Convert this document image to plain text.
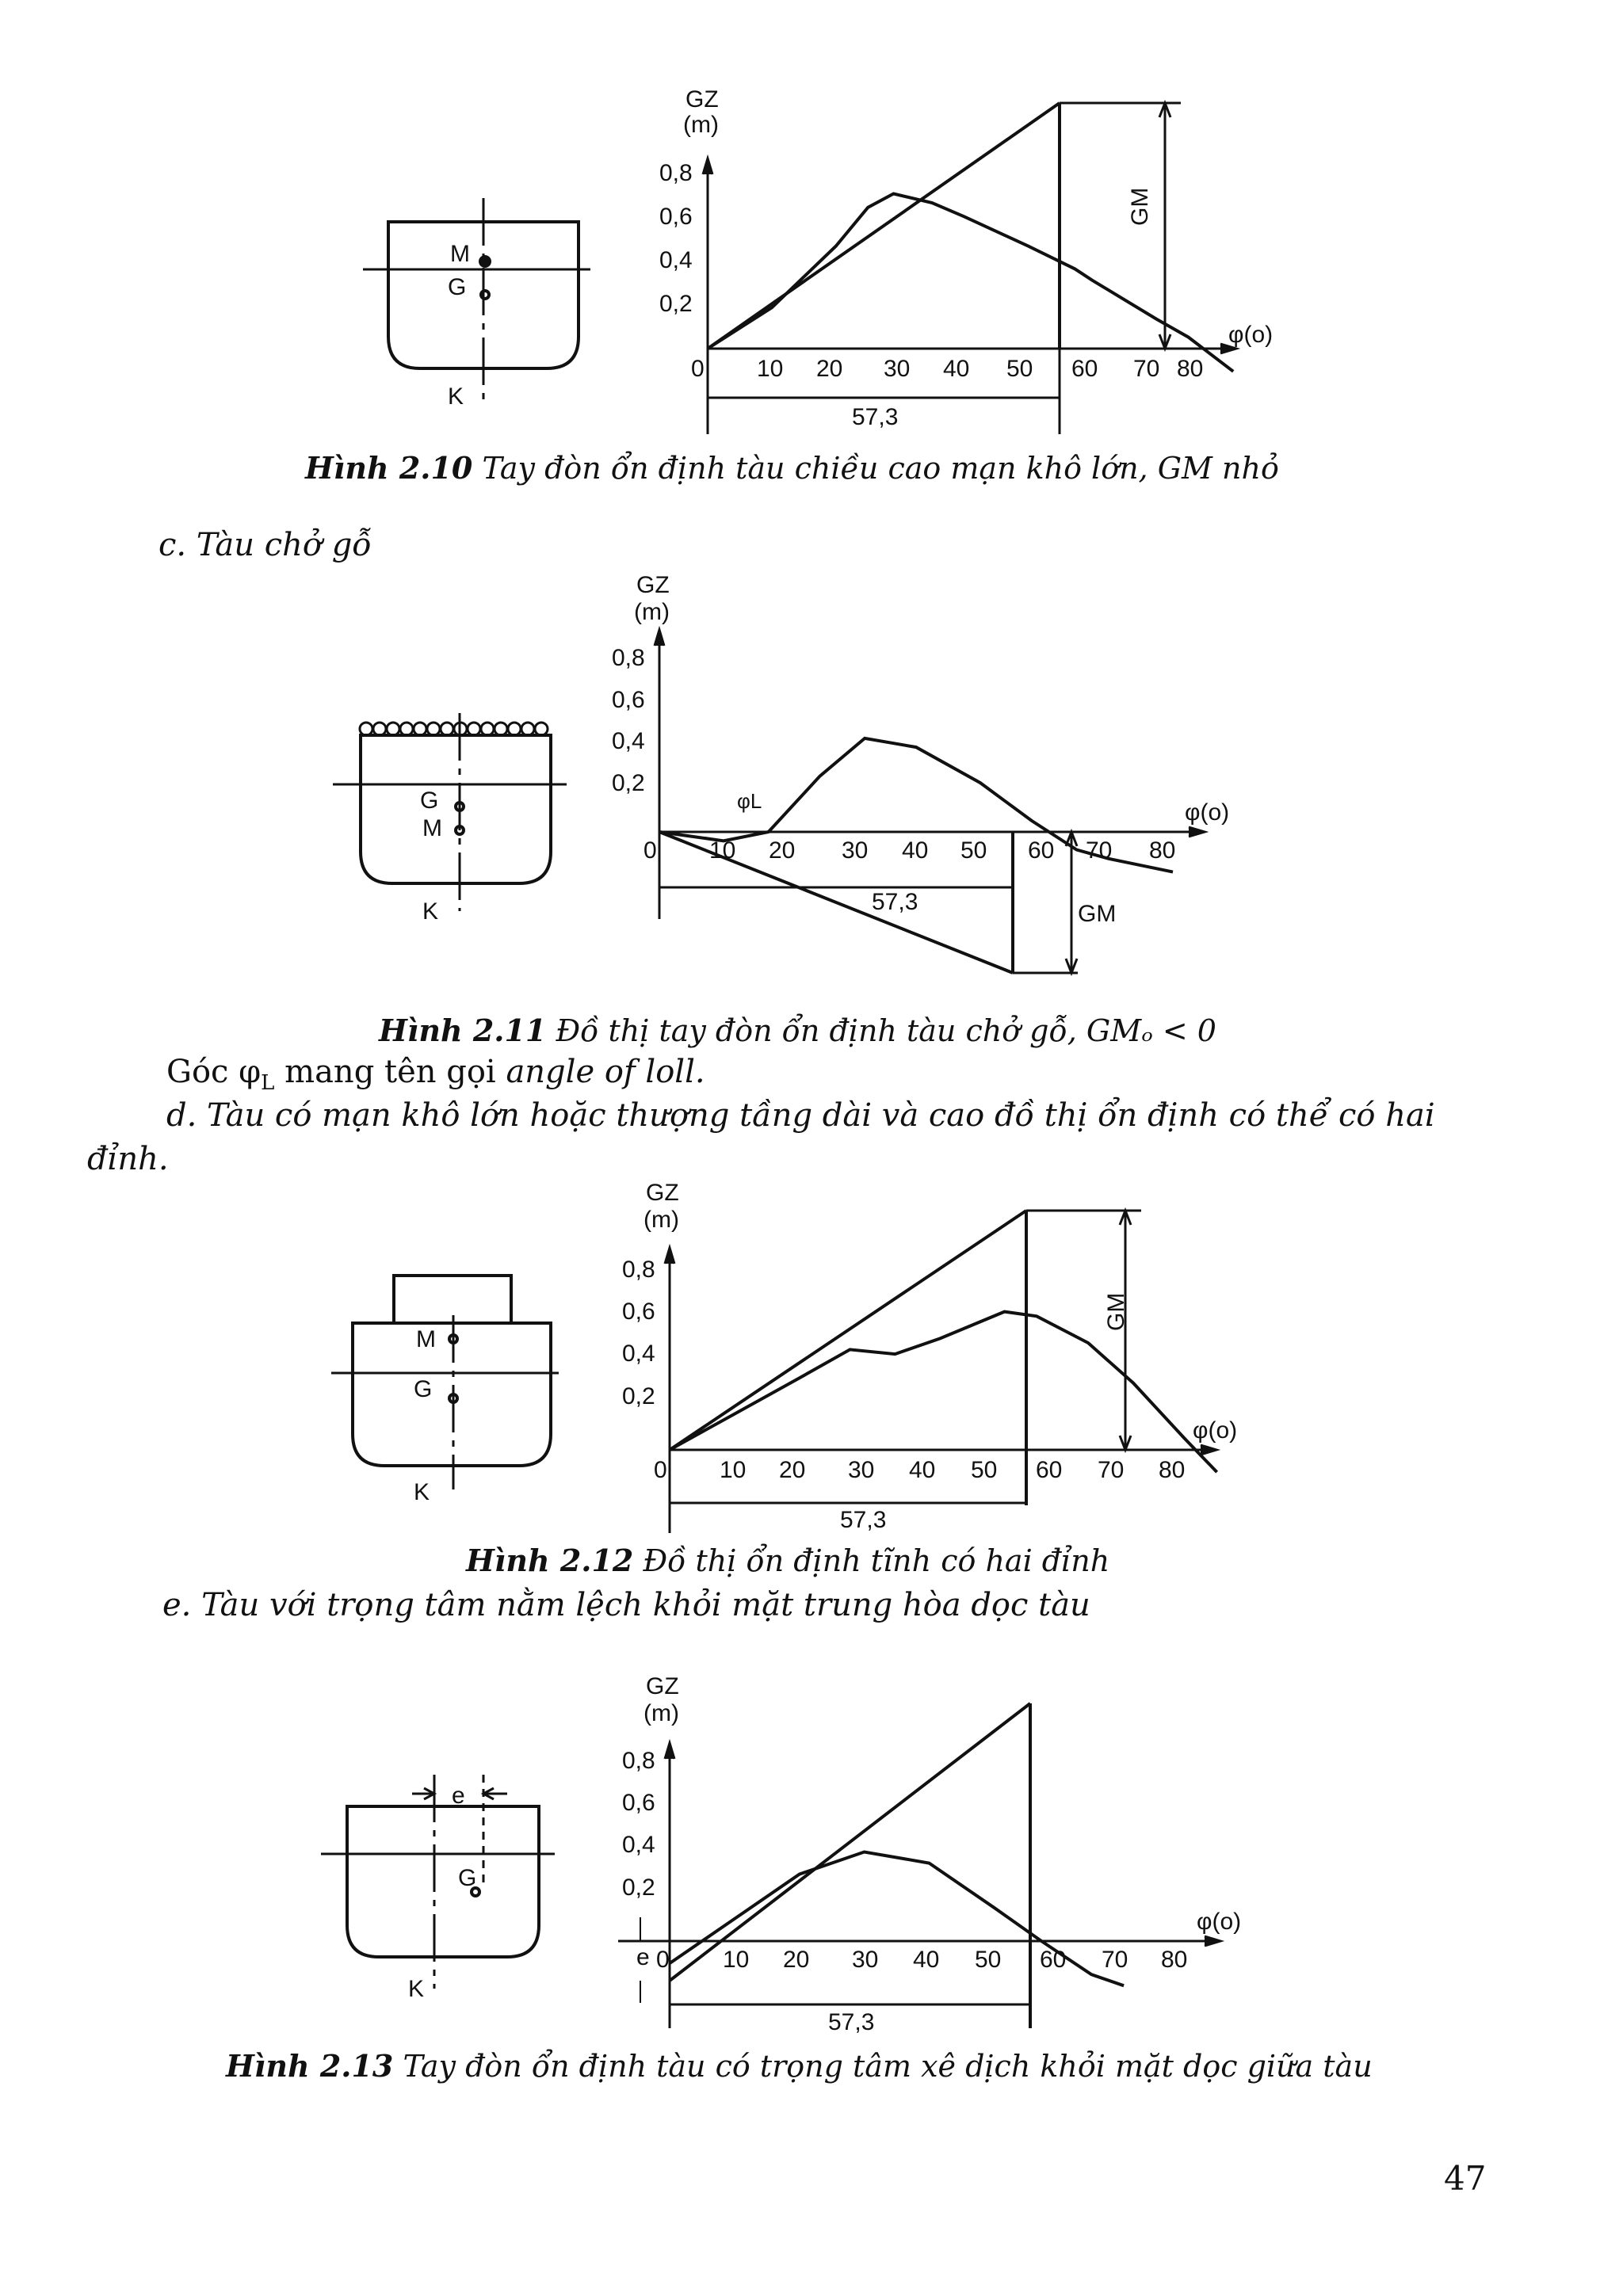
M
G
K
GZ
(m)
0,8
0,6
0,4
0,2
0 10 20 30 40 50 60 70 80
φ(o)
GM
57,3
Hình 2.10 Tay đòn ổn định tàu chiều cao mạn khô lớn, GM nhỏ
c. Tàu chở gỗ
G
M
K
GZ
(m)
0,8
0,6
0,4
0,2
0 10 20 30 40 50 60 70 80
φ(o)
φL
GM
57,3
Hình 2.11 Đồ thị tay đòn ổn định tàu chở gỗ, GMₒ < 0
Góc $\varphi_L$ mang tên gọi angle of loll.
d. Tàu có mạn khô lớn hoặc thượng tầng dài và cao đồ thị ổn định có thể có hai
đỉnh.
M
G
K
GZ
(m)
0,8
0,6
0,4
0,2
0 10 20 30 40 50 60 70 80
φ(o)
GM
57,3
Hình 2.12 Đồ thị ổn định tĩnh có hai đỉnh
e. Tàu với trọng tâm nằm lệch khỏi mặt trung hòa dọc tàu
e
G
K
GZ
(m)
0,8
0,6
0,4
0,2
0 10 20 30 40 50 60 70 80
φ(o)
e
57,3
Hình 2.13 Tay đòn ổn định tàu có trọng tâm xê dịch khỏi mặt dọc giữa tàu
47
